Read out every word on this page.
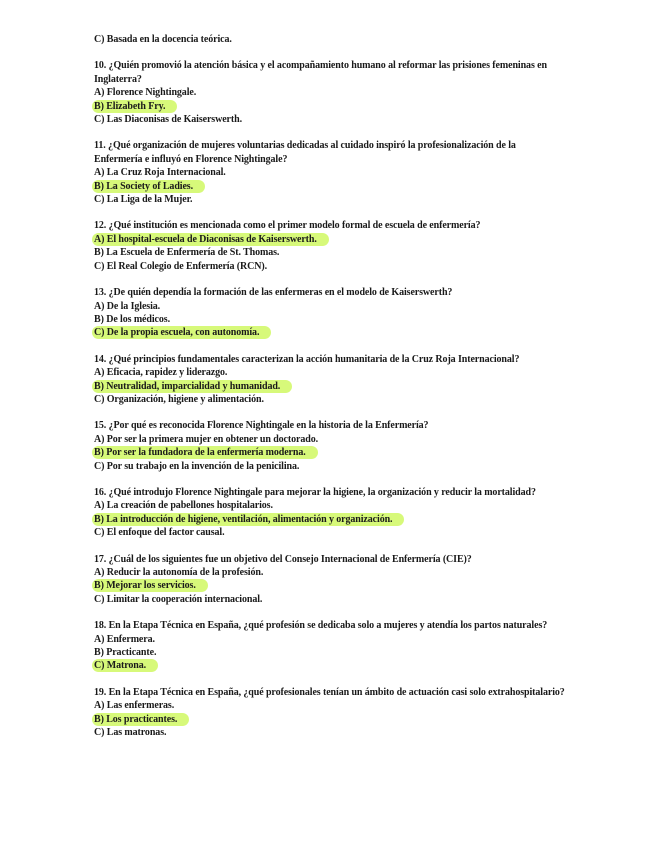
C) Basada en la docencia teórica.
10. ¿Quién promovió la atención básica y el acompañamiento humano al reformar las prisiones femeninas en Inglaterra?
A) Florence Nightingale.
B) Elizabeth Fry.
C) Las Diaconisas de Kaiserswerth.
11. ¿Qué organización de mujeres voluntarias dedicadas al cuidado inspiró la profesionalización de la Enfermería e influyó en Florence Nightingale?
A) La Cruz Roja Internacional.
B) La Society of Ladies.
C) La Liga de la Mujer.
12. ¿Qué institución es mencionada como el primer modelo formal de escuela de enfermería?
A) El hospital-escuela de Diaconisas de Kaiserswerth.
B) La Escuela de Enfermería de St. Thomas.
C) El Real Colegio de Enfermería (RCN).
13. ¿De quién dependía la formación de las enfermeras en el modelo de Kaiserswerth?
A) De la Iglesia.
B) De los médicos.
C) De la propia escuela, con autonomía.
14. ¿Qué principios fundamentales caracterizan la acción humanitaria de la Cruz Roja Internacional?
A) Eficacia, rapidez y liderazgo.
B) Neutralidad, imparcialidad y humanidad.
C) Organización, higiene y alimentación.
15. ¿Por qué es reconocida Florence Nightingale en la historia de la Enfermería?
A) Por ser la primera mujer en obtener un doctorado.
B) Por ser la fundadora de la enfermería moderna.
C) Por su trabajo en la invención de la penicilina.
16. ¿Qué introdujo Florence Nightingale para mejorar la higiene, la organización y reducir la mortalidad?
A) La creación de pabellones hospitalarios.
B) La introducción de higiene, ventilación, alimentación y organización.
C) El enfoque del factor causal.
17. ¿Cuál de los siguientes fue un objetivo del Consejo Internacional de Enfermería (CIE)?
A) Reducir la autonomía de la profesión.
B) Mejorar los servicios.
C) Limitar la cooperación internacional.
18. En la Etapa Técnica en España, ¿qué profesión se dedicaba solo a mujeres y atendía los partos naturales?
A) Enfermera.
B) Practicante.
C) Matrona.
19. En la Etapa Técnica en España, ¿qué profesionales tenían un ámbito de actuación casi solo extrahospitalario?
A) Las enfermeras.
B) Los practicantes.
C) Las matronas.
